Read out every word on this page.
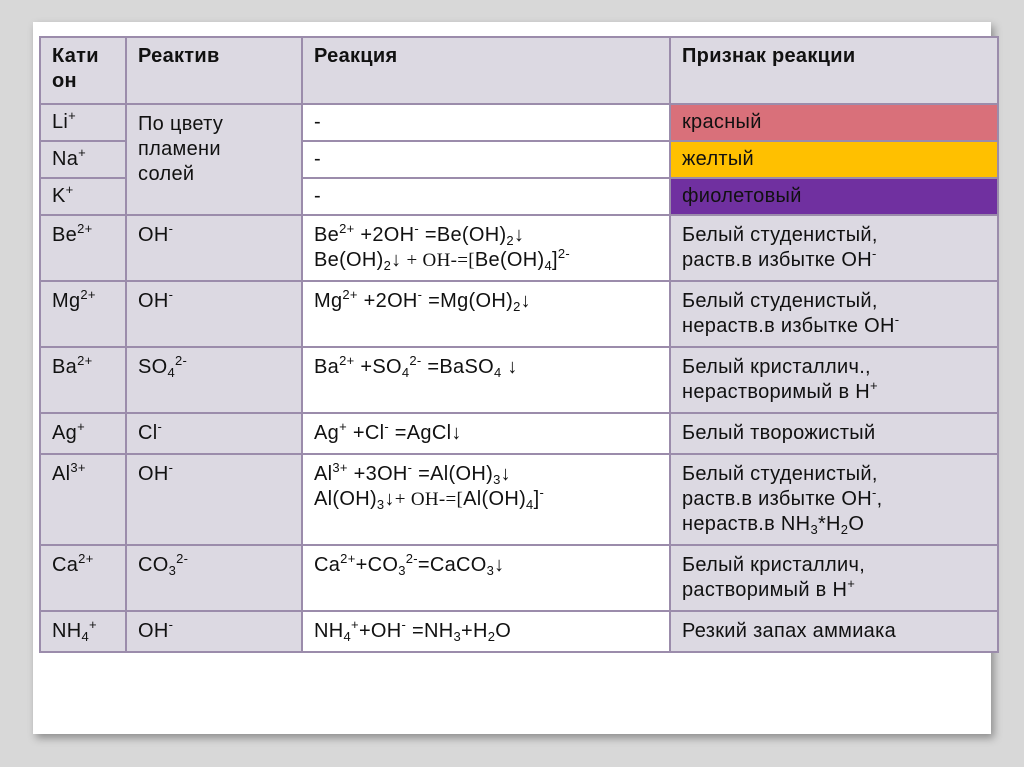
Кати
он	Реактив	Реакция	Признак реакции
Li+	По цвету
пламени
солей	-	красный
Na+		-	желтый
K+		-	фиолетовый
$Be^{2+}$	OH-	$Be^{2+} +2OH^-$ $=Be(OH)_2↓$
$Be(OH)_2↓ + OH-=[Be(OH)_4]^{2-}$	Белый студенистый,
раств.в избытке OH-

$Mg^{2+}$	OH-	$Mg^{2+} +2OH^-$ $=Mg(OH)_2↓$	Белый студенистый,
нераств.в избытке OH-

$Ba^{2+}$	$SO_4^{2-}$	$Ba^{2+} +SO_4^{2-}$ =BaSO$_4$ ↓	Белый кристаллич.,
нерастворимый в H+

Ag+	Cl-	Ag+ +Cl- =AgCl↓	Белый творожистый
$Al^{3+}$	OH-	$Al^{3+} +3OH^-$ $=Al(OH)_3↓$
$Al(OH)_3↓+ OH-=[Al(OH)_4]^-$	Белый студенистый,
раств.в избытке OH-,
нераств.в $NH_3*H_2O$

$Ca^{2+}$	$CO_3^{2-}$	$Ca^{2+}+CO_3^{2-}=CaCO_3↓$	Белый кристаллич,
растворимый в H+

$NH_4^+$	OH-	$NH_4^++OH^- =NH_3+H_2O$	Резкий запах аммиака
